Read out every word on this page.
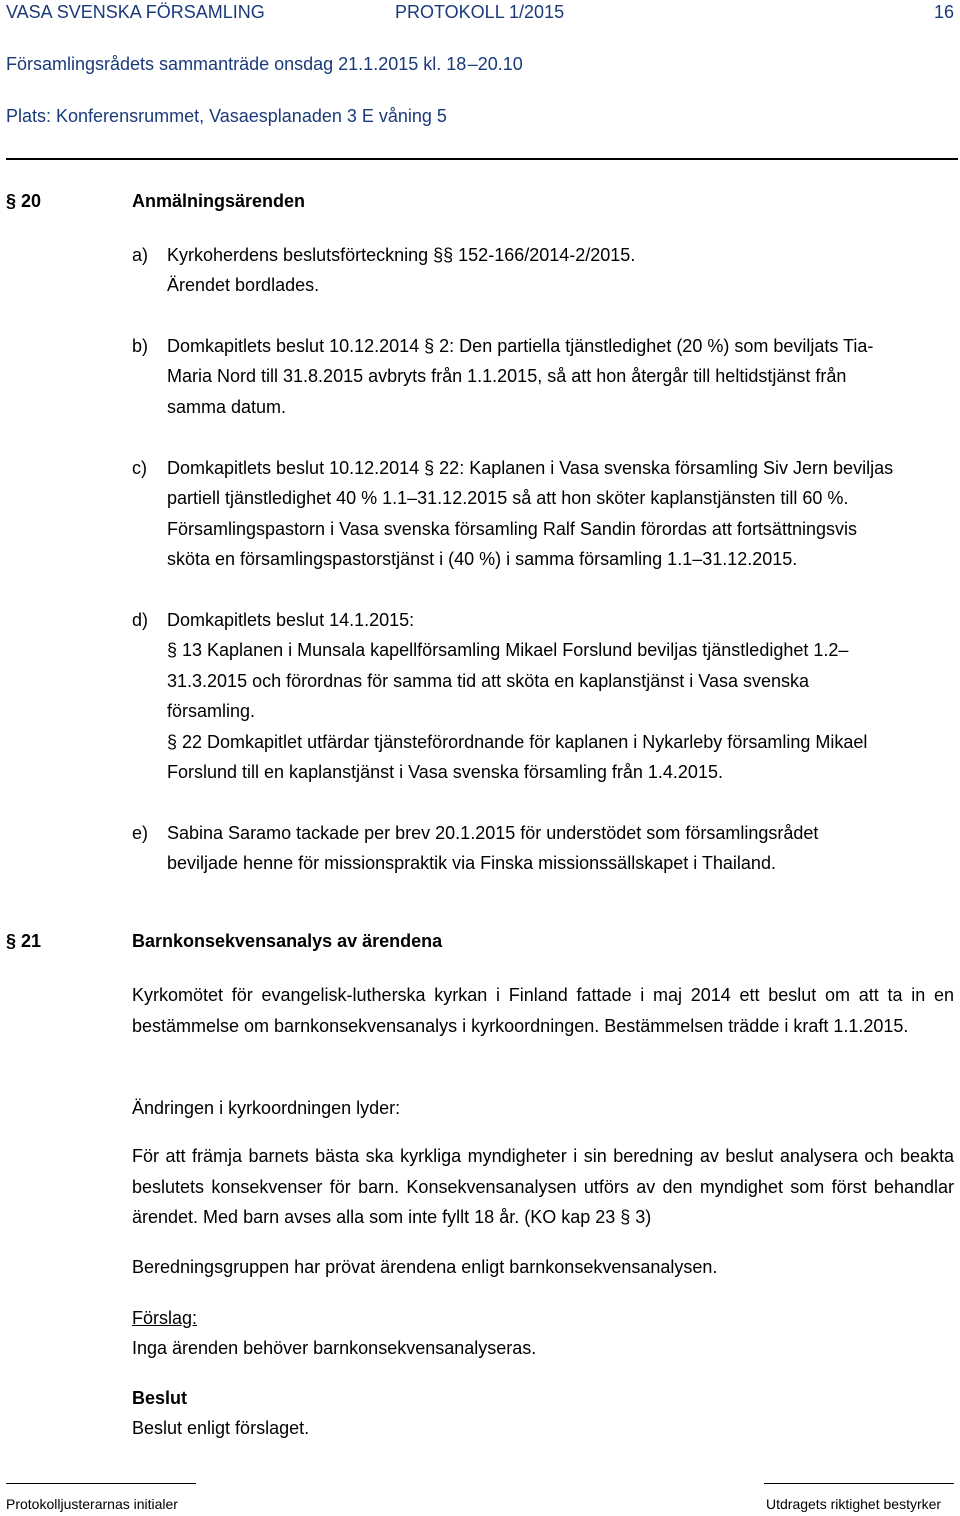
VASA SVENSKA FÖRSAMLING	PROTOKOLL 1/2015	16
Församlingsrådets sammanträde onsdag 21.1.2015 kl. 18 –20.10
Plats: Konferensrummet, Vasaesplanaden 3 E våning 5
§ 20	Anmälningsärenden
a) Kyrkoherdens beslutsförteckning §§ 152-166/2014-2/2015.
Ärendet bordlades.
b) Domkapitlets beslut 10.12.2014 § 2: Den partiella tjänstledighet (20 %) som beviljats Tia-
Maria Nord till 31.8.2015 avbryts från 1.1.2015, så att hon återgår till heltidstjänst från
samma datum.
c) Domkapitlets beslut 10.12.2014 § 22: Kaplanen i Vasa svenska församling Siv Jern beviljas
partiell tjänstledighet 40 % 1.1–31.12.2015 så att hon sköter kaplanstjänsten till 60 %.
Församlingspastorn i Vasa svenska församling Ralf Sandin förordas att fortsättningsvis
sköta en församlingspastorstjänst i (40 %) i samma församling 1.1–31.12.2015.
d) Domkapitlets beslut 14.1.2015:
§ 13 Kaplanen i Munsala kapellförsamling Mikael Forslund beviljas tjänstledighet 1.2–
31.3.2015 och förordnas för samma tid att sköta en kaplanstjänst i Vasa svenska
församling.
§ 22 Domkapitlet utfärdar tjänsteförordnande för kaplanen i Nykarleby församling Mikael
Forslund till en kaplanstjänst i Vasa svenska församling från 1.4.2015.
e) Sabina Saramo tackade per brev 20.1.2015 för understödet som församlingsrådet
beviljade henne för missionspraktik via Finska missionssällskapet i Thailand.
§ 21	Barnkonsekvensanalys av ärendena
Kyrkomötet för evangelisk-lutherska kyrkan i Finland fattade i maj 2014 ett beslut om att ta in en bestämmelse om barnkonsekvensanalys i kyrkoordningen. Bestämmelsen trädde i kraft 1.1.2015.
Ändringen i kyrkoordningen lyder:
För att främja barnets bästa ska kyrkliga myndigheter i sin beredning av beslut analysera och beakta beslutets konsekvenser för barn. Konsekvensanalysen utförs av den myndighet som först behandlar ärendet. Med barn avses alla som inte fyllt 18 år. (KO kap 23 § 3)
Beredningsgruppen har prövat ärendena enligt barnkonsekvensanalysen.
Förslag:
Inga ärenden behöver barnkonsekvensanalyseras.
Beslut
Beslut enligt förslaget.
Protokolljusterarnas initialer	Utdragets riktighet bestyrker
